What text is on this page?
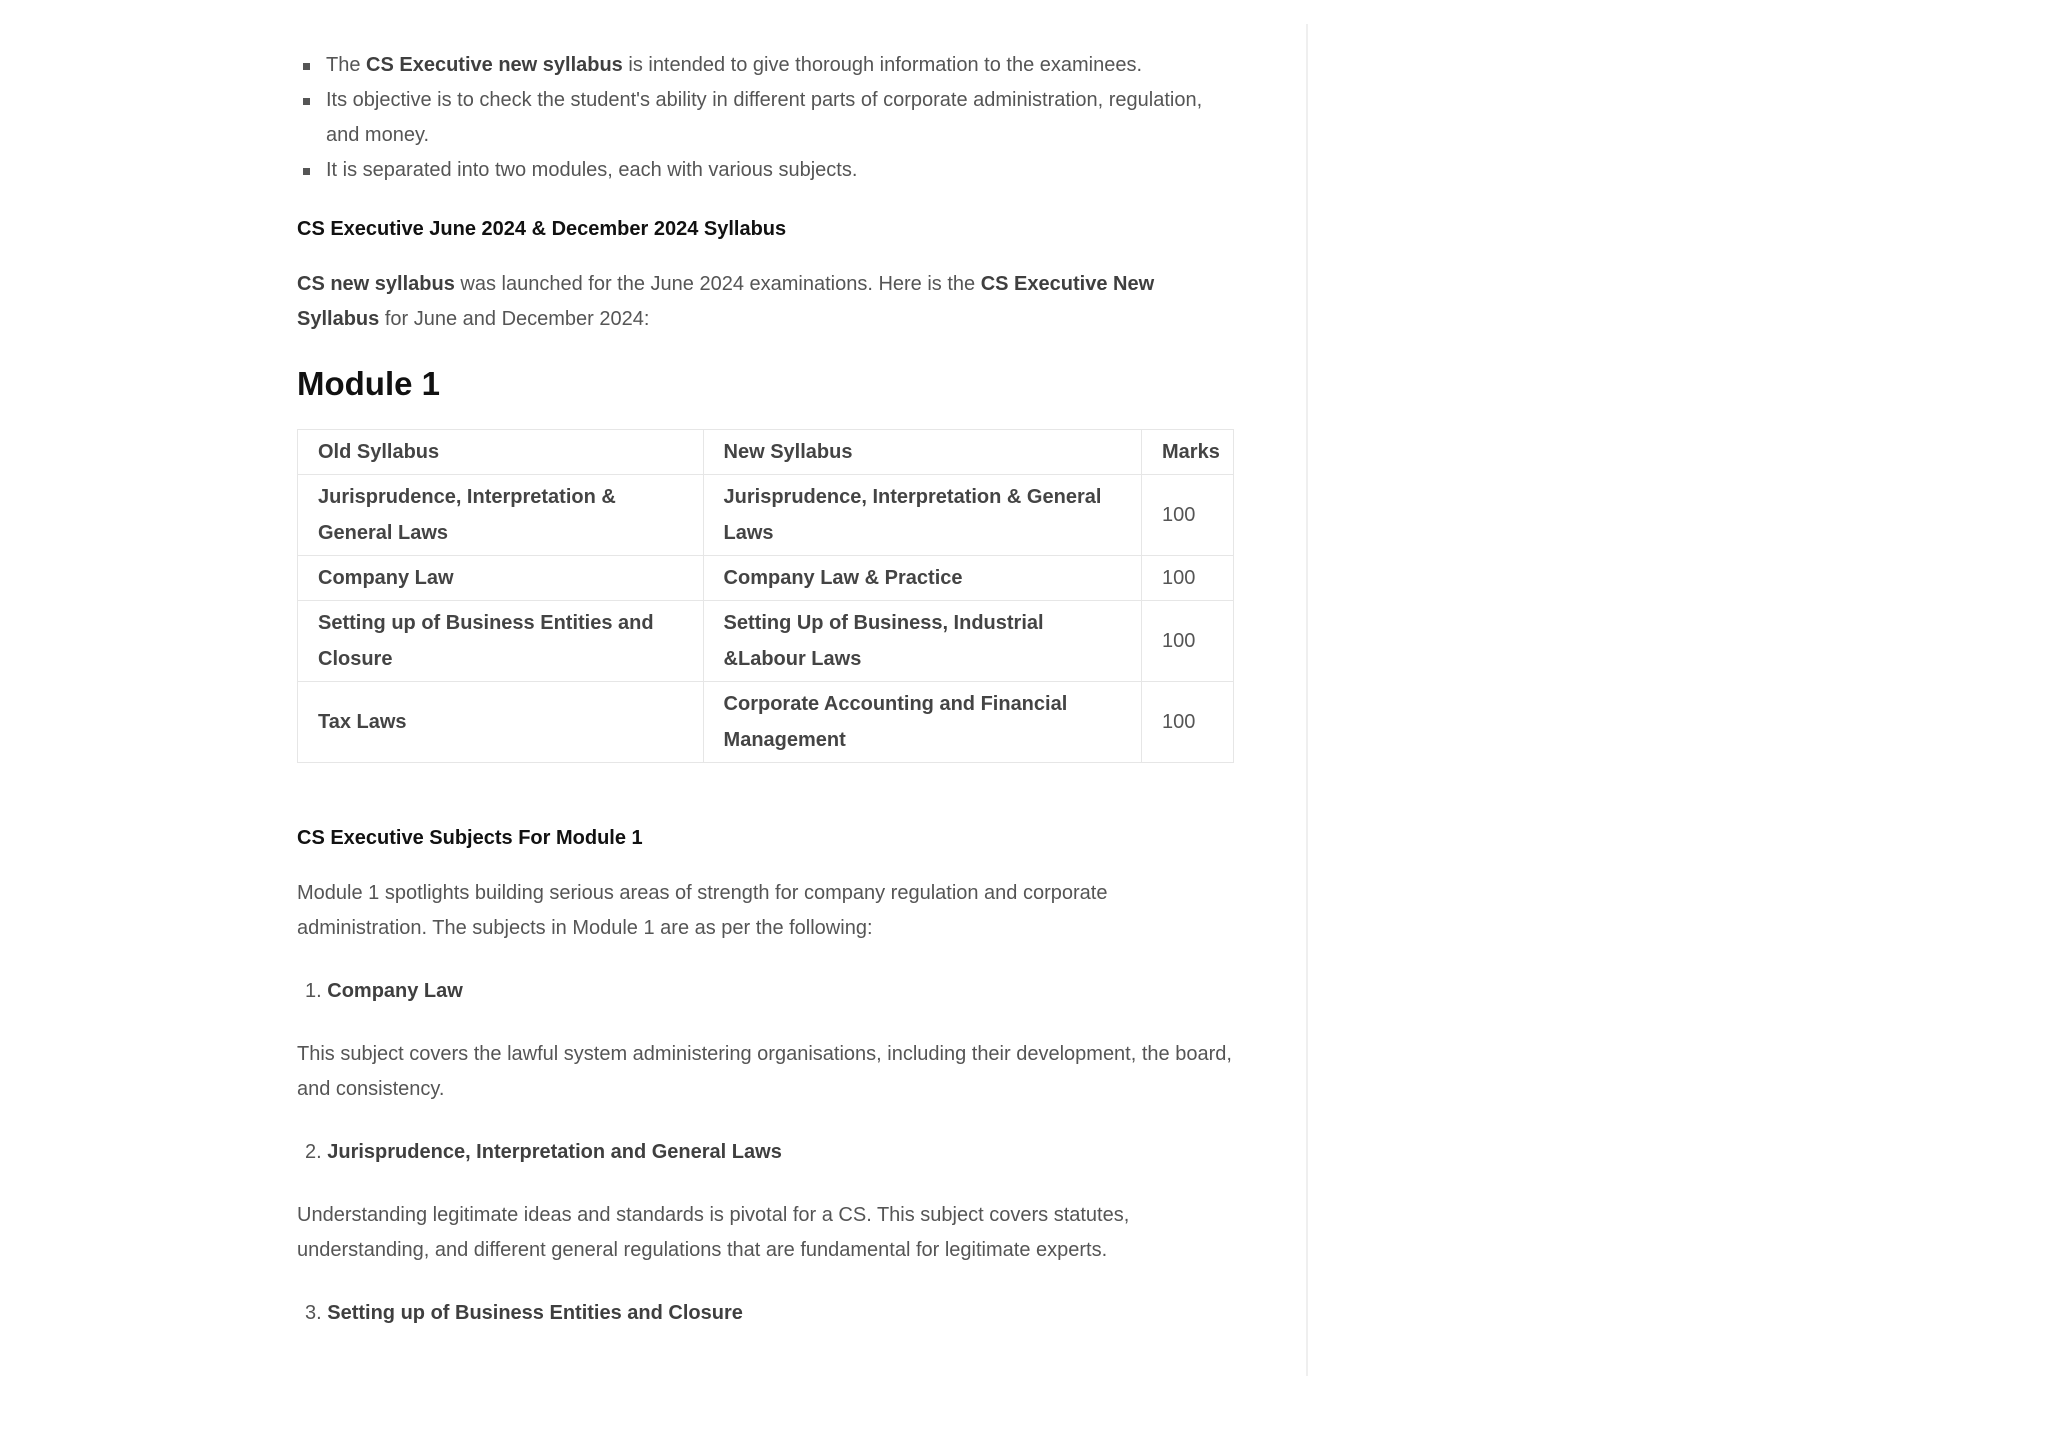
The CS Executive new syllabus is intended to give thorough information to the examinees.
Its objective is to check the student's ability in different parts of corporate administration, regulation, and money.
It is separated into two modules, each with various subjects.
CS Executive June 2024 & December 2024 Syllabus

CS new syllabus was launched for the June 2024 examinations. Here is the CS Executive New Syllabus for June and December 2024:

Module 1
Old Syllabus	New Syllabus	Marks
Jurisprudence, Interpretation & General Laws	Jurisprudence, Interpretation & General Laws	100
Company Law	Company Law & Practice	100
Setting up of Business Entities and Closure	Setting Up of Business, Industrial &Labour Laws	100
Tax Laws	Corporate Accounting and Financial Management	100
CS Executive Subjects For Module 1

Module 1 spotlights building serious areas of strength for company regulation and corporate administration. The subjects in Module 1 are as per the following:

1. Company Law

This subject covers the lawful system administering organisations, including their development, the board, and consistency.

2. Jurisprudence, Interpretation and General Laws

Understanding legitimate ideas and standards is pivotal for a CS. This subject covers statutes, understanding, and different general regulations that are fundamental for legitimate experts.

3. Setting up of Business Entities and Closure
